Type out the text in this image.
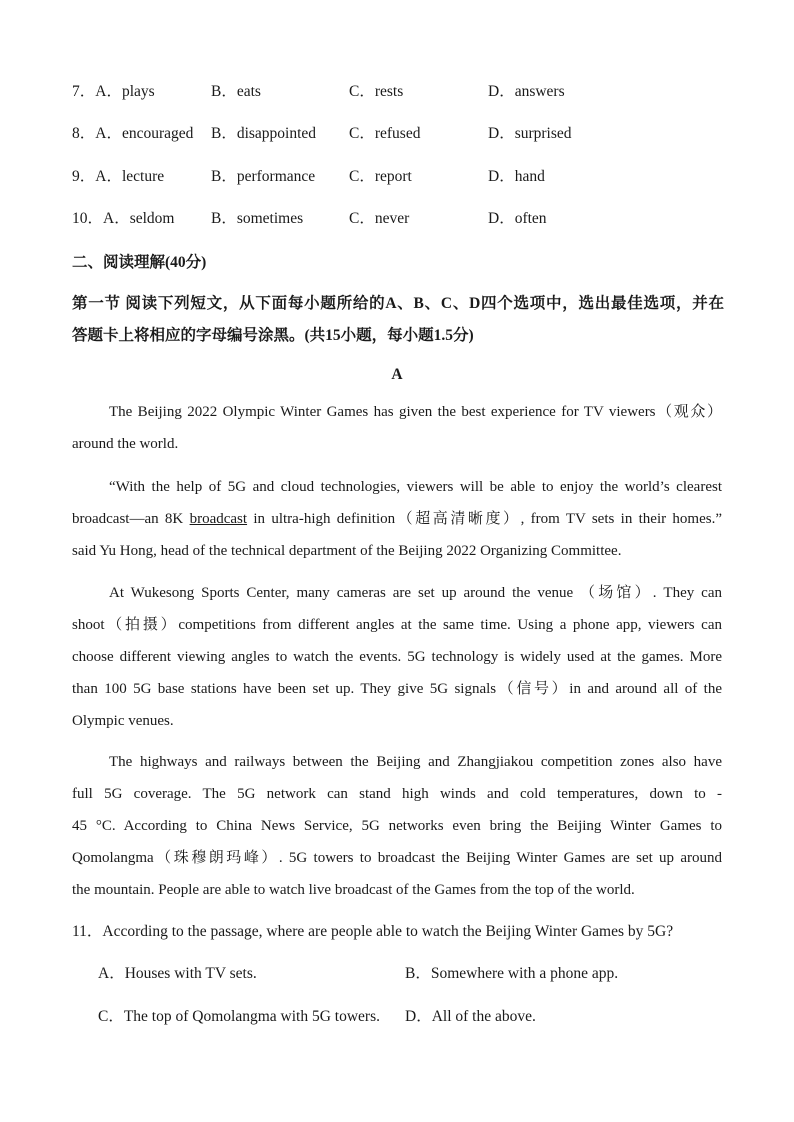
7．A．plays	B．eats	C．rests	D．answers
8．A．encouraged B．disappointed C．refused	D．surprised
9．A．lecture	B．performance C．report	D．hand
10．A．seldom B．sometimes	C．never	D．often
二、阅读理解(40分)
第一节 阅读下列短文，从下面每小题所给的A、B、C、D四个选项中，选出最佳选项，并在
答题卡上将相应的字母编号涂黑。(共15小题，每小题1.5分)
A
The Beijing 2022 Olympic Winter Games has given the best experience for TV viewers（观众）
around the world.
“With the help of 5G and cloud technologies, viewers will be able to enjoy the world’s clearest
broadcast—an 8K broadcast in ultra-high definition（超高清晰度）, from TV sets in their homes.”
said Yu Hong, head of the technical department of the Beijing 2022 Organizing Committee.
At Wukesong Sports Center, many cameras are set up around the venue （场馆）. They can
shoot（拍摄）competitions from different angles at the same time. Using a phone app, viewers can
choose different viewing angles to watch the events. 5G technology is widely used at the games. More
than 100 5G base stations have been set up. They give 5G signals（信号）in and around all of the
Olympic venues.
The highways and railways between the Beijing and Zhangjiakou competition zones also have
full 5G coverage. The 5G network can stand high winds and cold temperatures, down to -
45 °C. According to China News Service, 5G networks even bring the Beijing Winter Games to
Qomolangma（珠穆朗玛峰）. 5G towers to broadcast the Beijing Winter Games are set up around
the mountain. People are able to watch live broadcast of the Games from the top of the world.
11．According to the passage, where are people able to watch the Beijing Winter Games by 5G?
A．Houses with TV sets.	B．Somewhere with a phone app.
C．The top of Qomolangma with 5G towers. D．All of the above.
